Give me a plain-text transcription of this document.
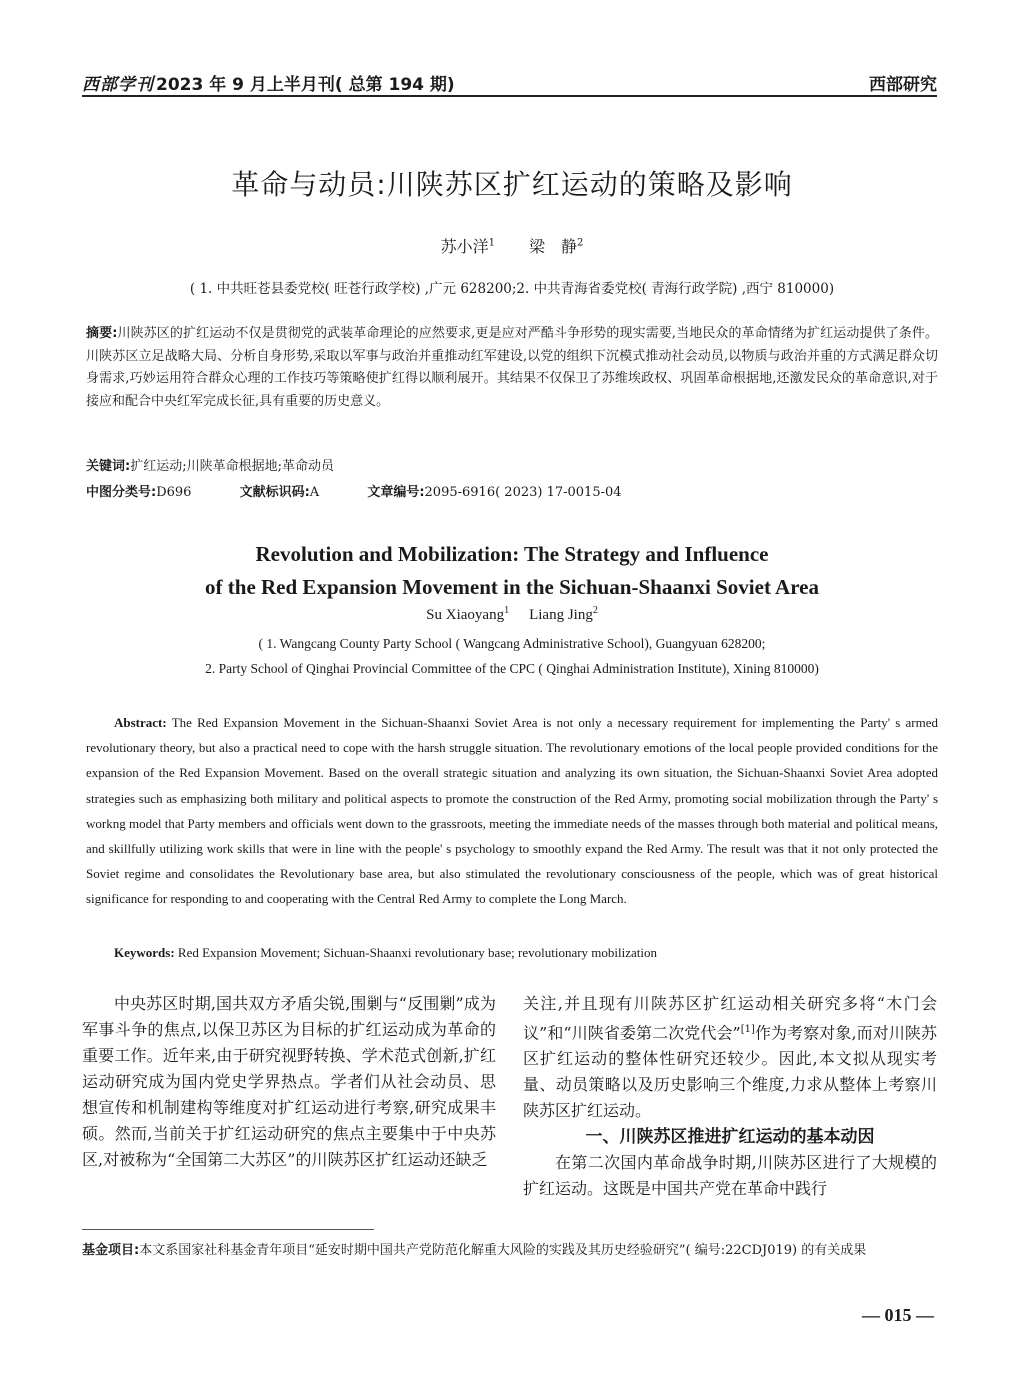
西部学刊 2023 年 9 月上半月刊( 总第 194 期)	西部研究
革命与动员:川陕苏区扩红运动的策略及影响
苏小洋$^1$ 梁　静$^2$
( 1. 中共旺苍县委党校( 旺苍行政学校) ,广元 628200;2. 中共青海省委党校( 青海行政学院) ,西宁 810000)
摘要:川陕苏区的扩红运动不仅是贯彻党的武装革命理论的应然要求,更是应对严酷斗争形势的现实需要,当地民众的革命情绪为扩红运动提供了条件。川陕苏区立足战略大局、分析自身形势,采取以军事与政治并重推动红军建设,以党的组织下沉模式推动社会动员,以物质与政治并重的方式满足群众切身需求,巧妙运用符合群众心理的工作技巧等策略使扩红得以顺利展开。其结果不仅保卫了苏维埃政权、巩固革命根据地,还激发民众的革命意识,对于接应和配合中央红军完成长征,具有重要的历史意义。
关键词:扩红运动;川陕革命根据地;革命动员
中图分类号:D696	文献标识码:A	文章编号:2095-6916( 2023) 17-0015-04
Revolution and Mobilization: The Strategy and Influence
of the Red Expansion Movement in the Sichuan-Shaanxi Soviet Area
Su Xiaoyang$^1$ Liang Jing$^2$
( 1. Wangcang County Party School ( Wangcang Administrative School), Guangyuan 628200;
2. Party School of Qinghai Provincial Committee of the CPC ( Qinghai Administration Institute), Xining 810000)
Abstract: The Red Expansion Movement in the Sichuan-Shaanxi Soviet Area is not only a necessary requirement for implementing the Party' s armed revolutionary theory, but also a practical need to cope with the harsh struggle situation. The revolutionary emotions of the local people provided conditions for the expansion of the Red Expansion Movement. Based on the overall strategic situation and analyzing its own situation, the Sichuan-Shaanxi Soviet Area adopted strategies such as emphasizing both military and political aspects to promote the construction of the Red Army, promoting social mobilization through the Party' s workng model that Party members and officials went down to the grassroots, meeting the immediate needs of the masses through both material and political means, and skillfully utilizing work skills that were in line with the people' s psychology to smoothly expand the Red Army. The result was that it not only protected the Soviet regime and consolidates the Revolutionary base area, but also stimulated the revolutionary consciousness of the people, which was of great historical significance for responding to and cooperating with the Central Red Army to complete the Long March.
Keywords: Red Expansion Movement; Sichuan-Shaanxi revolutionary base; revolutionary mobilization

中央苏区时期,国共双方矛盾尖锐,围剿与“反围剿”成为军事斗争的焦点,以保卫苏区为目标的扩红运动成为革命的重要工作。近年来,由于研究视野转换、学术范式创新,扩红运动研究成为国内党史学界热点。学者们从社会动员、思想宣传和机制建构等维度对扩红运动进行考察,研究成果丰硕。然而,当前关于扩红运动研究的焦点主要集中于中央苏区,对被称为“全国第二大苏区”的川陕苏区扩红运动还缺乏

关注,并且现有川陕苏区扩红运动相关研究多将“木门会议”和“川陕省委第二次党代会”[1]作为考察对象,而对川陕苏区扩红运动的整体性研究还较少。因此,本文拟从现实考量、动员策略以及历史影响三个维度,力求从整体上考察川陕苏区扩红运动。

一、川陕苏区推进扩红运动的基本动因

在第二次国内革命战争时期,川陕苏区进行了大规模的扩红运动。这既是中国共产党在革命中践行

基金项目:本文系国家社科基金青年项目“延安时期中国共产党防范化解重大风险的实践及其历史经验研究”( 编号:22CDJ019) 的有关成果
— 015 —
